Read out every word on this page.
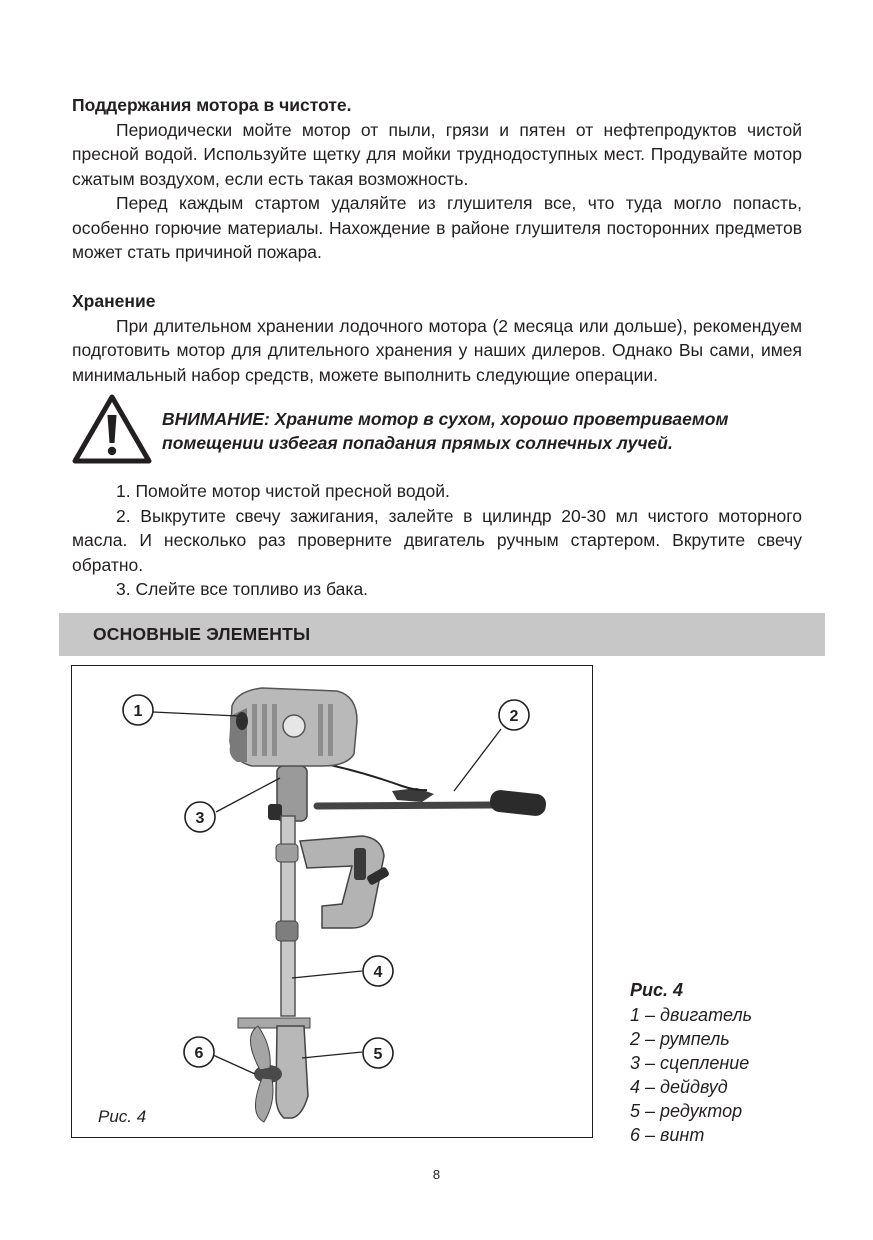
Поддержания мотора в чистоте.

Периодически мойте мотор от пыли, грязи и пятен от нефтепродуктов чистой пресной водой. Используйте щетку для мойки труднодоступных мест. Продувайте мотор сжатым воздухом, если есть такая возможность.

Перед каждым стартом удаляйте из глушителя все, что туда могло попасть, особенно горючие материалы. Нахождение в районе глушителя посторонних предметов может стать причиной пожара.

Хранение

При длительном хранении лодочного мотора (2 месяца или дольше), рекомендуем подготовить мотор для длительного хранения у наших дилеров. Однако Вы сами, имея минимальный набор средств, можете выполнить следующие операции.

ВНИМАНИЕ: Храните мотор в сухом, хорошо проветриваемом помещении избегая попадания прямых солнечных лучей.

1. Помойте мотор чистой пресной водой.

2. Выкрутите свечу зажигания, залейте в цилиндр 20-30 мл чистого моторного масла. И несколько раз проверните двигатель ручным стартером. Вкрутите свечу обратно.

3. Слейте все топливо из бака.

ОСНОВНЫЕ ЭЛЕМЕНТЫ
1	2
3
4
5
6
Рис. 4

Рис. 4

1 – двигатель

2 – румпель

3 – сцепление

4 – дейдвуд

5 – редуктор

6 – винт

8
